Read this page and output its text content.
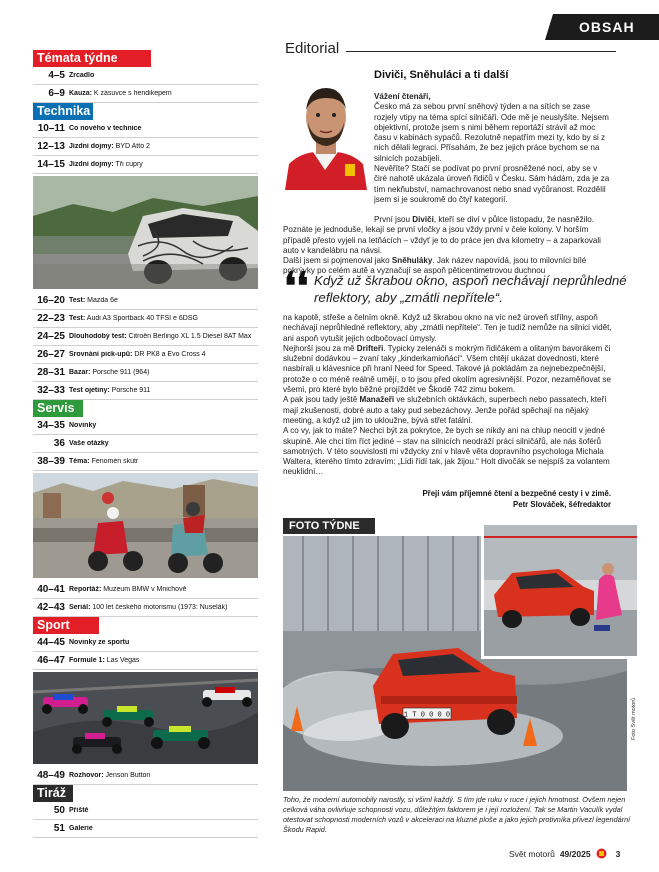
OBSAH
Témata týdne
4–5 Zrcadlo
6–9 Kauza: K zásuvce s hendikepem
Technika
10–11 Co nového v technice
12–13 Jízdní dojmy: BYD Atto 2
14–15 Jízdní dojmy: Tři cupry
16–20 Test: Mazda 6e
22–23 Test: Audi A3 Sportback 40 TFSI e 6DSG
24–25 Dlouhodobý test: Citroën Berlingo XL 1.5 Diesel 8AT Max
26–27 Srovnání pick-upů: DR PK8 a Evo Cross 4
28–31 Bazar: Porsche 911 (964)
32–33 Test ojetiny: Porsche 911
Servis
34–35 Novinky
36 Vaše otázky
38–39 Téma: Fenomén skútr
40–41 Reportáž: Muzeum BMW v Mnichově
42–43 Seriál: 100 let českého motorismu (1973: Nuselák)
Sport
44–45 Novinky ze sportu
46–47 Formule 1: Las Vegas
48–49 Rozhovor: Jenson Button
Tiráž
50 Přiště
51 Galerie
Editorial
Diviči, Sněhuláci a ti další

Vážení čtenáři,

Česko má za sebou první sněhový týden a na sítích se zase rozjely vtipy na téma spící silničáři. Ode mě je neuslyšíte. Nejsem objektivní, protože jsem s nimi během reportáží strávil až moc času v kabinách sypačů. Rezolutně nepatřím mezi ty, kdo by si z nich dělali legraci. Přísahám, že bez jejich práce bychom se na silnicích pozabíjeli.

Nevěříte? Stačí se podívat po první prosněžené noci, aby se v čiré nahotě ukázala úroveň řidičů v Česku. Sám hádám, zda je za tím nekňubství, namachrovanost nebo snad vyčůranost. Rozdělil jsem si je soukromě do čtyř kategorií.

První jsou Diviči, kteří se diví v půlce listopadu, že nasněžilo. Poznáte je jednoduše, lekají se první vločky a jsou vždy první v čele kolony. V horším případě přesto vyjeli na letňácích – vždyť je to do práce jen dva kilometry – a zaparkovali auto v kandelábru na návsi.

Další jsem si pojmenoval jako Sněhuláky. Jak název napovídá, jsou to milovníci bílé pokrývky po celém autě a vyznačují se aspoň pěticentimetrovou duchnou

❛❛ Když už škrabou okno, aspoň nechávají neprůhledné reflektory, aby „zmátli nepřítele“.

na kapotě, střeše a čelním okně. Když už škrabou okno na víc než úroveň střílny, aspoň nechávají neprůhledné reflektory, aby „zmátli nepřítele“. Ten je tudíž nemůže na silnici vidět, ani aspoň vytušit jejich odbočovací úmysly.

Nejhorší jsou za mě Drifteři. Typicky zelenáči s mokrým řidičákem a olitaným bavorákem či služební dodávkou – zvaní taky „kinderkamioňáci“. Všem chtějí ukázat dovednosti, které nasbírali u klávesnice při hraní Need for Speed. Takové já pokládám za nejnebezpečnější, protože o co méně reálně umějí, o to jsou před okolím agresivnější. Pozor, nezaměňovat se všemi, pro které bylo běžné projíždět ve Škodě 742 zimu bokem.

A pak jsou tady ještě Manažeři ve služebních oktávkách, superbech nebo passatech, kteří mají zkušenosti, dobré auto a taky pud sebezáchovy. Jenže pořád spěchají na nějaký meeting, a když už jim to ukloužne, bývá střet fatální.

A co vy, jak to máte? Nechci být za pokrytce, že bych se nikdy ani na chlup neocitl v jedné skupině. Ale chci tím říct jediné – stav na silnicích neodráží práci silničářů, ale nás šoférů samotných. V této souvislosti mi vždycky zní v hlavě věta dopravního psychologa Michala Waltera, kterého tímto zdravím: „Lidi řídí tak, jak žijou.“ Holt divočák se nejspíš za volantem neuklidní…

Přeji vám příjemné čtení a bezpečné cesty i v zimě.
Petr Slováček, šéfredaktor
1 T 0 0 0 0
FOTO TÝDNE
Foto Svět motorů
Toho, že moderní automobily narostly, si všiml každý. S tím jde ruku v ruce i jejich hmotnost. Ovšem nejen celková váha ovlivňuje schopnosti vozu, důležitým faktorem je i její rozložení. Tak se Martin Vaculík vydal otestovat schopnosti moderních vozů v akceleraci na kluzné ploše a jako jejich protivníka přivezl legendární Škodu Rapid.
Svět motorů 49/2025	3
